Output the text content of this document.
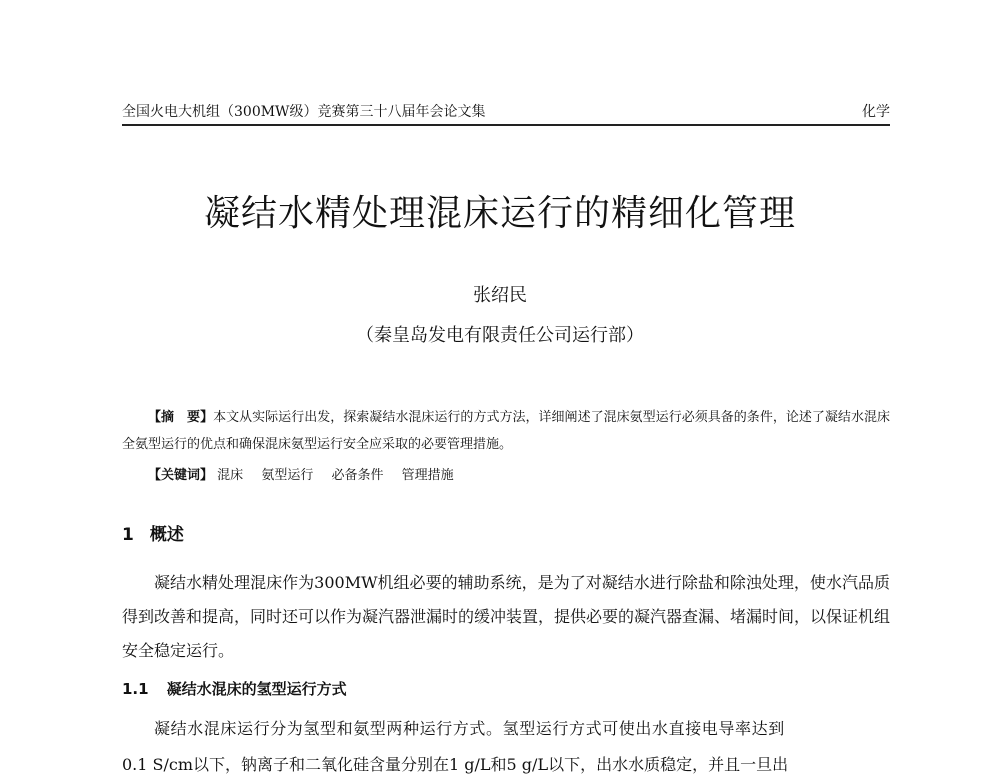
全国火电大机组（300MW级）竞赛第三十八届年会论文集	化学
凝结水精处理混床运行的精细化管理
张绍民
（秦皇岛发电有限责任公司运行部）
【摘　要】本文从实际运行出发，探索凝结水混床运行的方式方法，详细阐述了混床氨型运行必须具备的条件，论述了凝结水混床全氨型运行的优点和确保混床氨型运行安全应采取的必要管理措施。
【关键词】 混床 氨型运行 必备条件 管理措施
1 概述
凝结水精处理混床作为300MW机组必要的辅助系统，是为了对凝结水进行除盐和除浊处理，使水汽品质得到改善和提高，同时还可以作为凝汽器泄漏时的缓冲装置，提供必要的凝汽器查漏、堵漏时间，以保证机组安全稳定运行。
1.1 凝结水混床的氢型运行方式
凝结水混床运行分为氢型和氨型两种运行方式。氢型运行方式可使出水直接电导率达到
0.1 S/cm以下，钠离子和二氧化硅含量分别在1 g/L和5 g/L以下，出水水质稳定，并且一旦出
